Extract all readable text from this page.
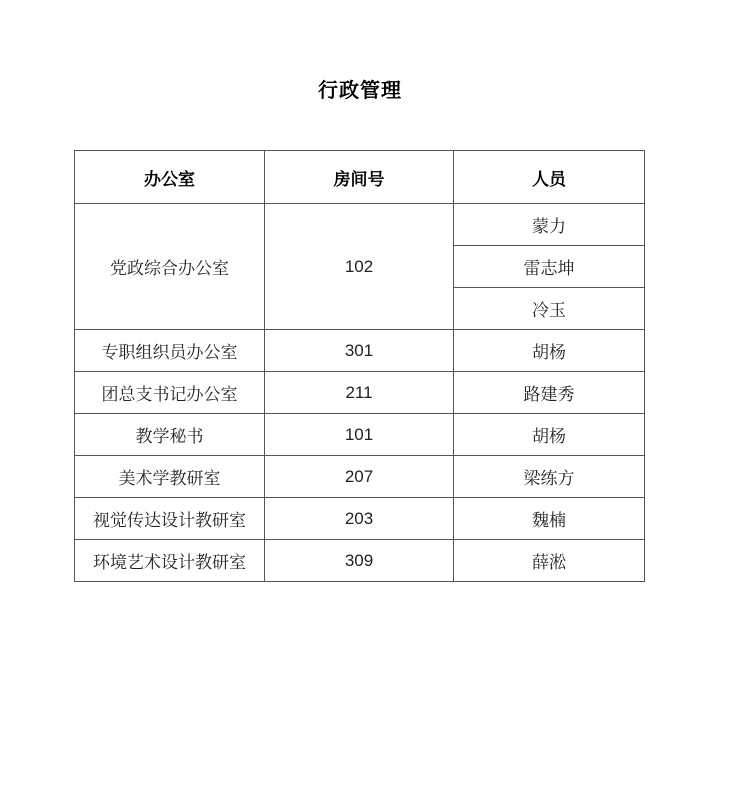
行政管理
办公室	房间号	人员
党政综合办公室	102	蒙力
		雷志坤
		冷玉
专职组织员办公室	301	胡杨
团总支书记办公室	211	路建秀
教学秘书	101	胡杨
美术学教研室	207	梁练方
视觉传达设计教研室	203	魏楠
环境艺术设计教研室	309	薛淞
